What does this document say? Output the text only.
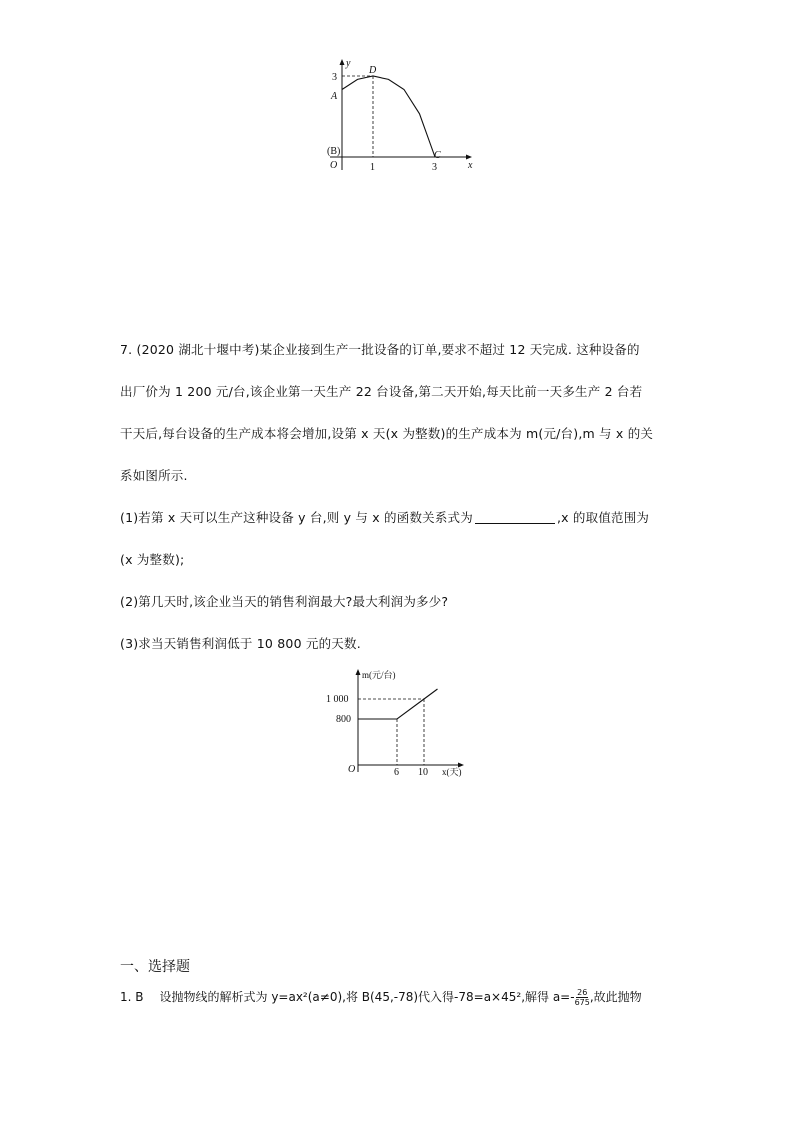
y
x
O
(B)
A
D
C
3
1	3

7. (2020 湖北十堰中考)某企业接到生产一批设备的订单,要求不超过 12 天完成. 这种设备的

出厂价为 1 200 元/台,该企业第一天生产 22 台设备,第二天开始,每天比前一天多生产 2 台若

干天后,每台设备的生产成本将会增加,设第 x 天(x 为整数)的生产成本为 m(元/台),m 与 x 的关

系如图所示.

(1)若第 x 天可以生产这种设备 y 台,则 y 与 x 的函数关系式为	,x 的取值范围为

(x 为整数);

(2)第几天时,该企业当天的销售利润最大?最大利润为多少?

(3)求当天销售利润低于 10 800 元的天数.

m(元/台)
x(天)
O
1 000
800
6 10
一、选择题
1. B 设抛物线的解析式为 y=ax²(a≠0),将 B(45,-78)代入得-78=a×45²,解得 $a=- \frac{26}{675}$ ,故此抛物
